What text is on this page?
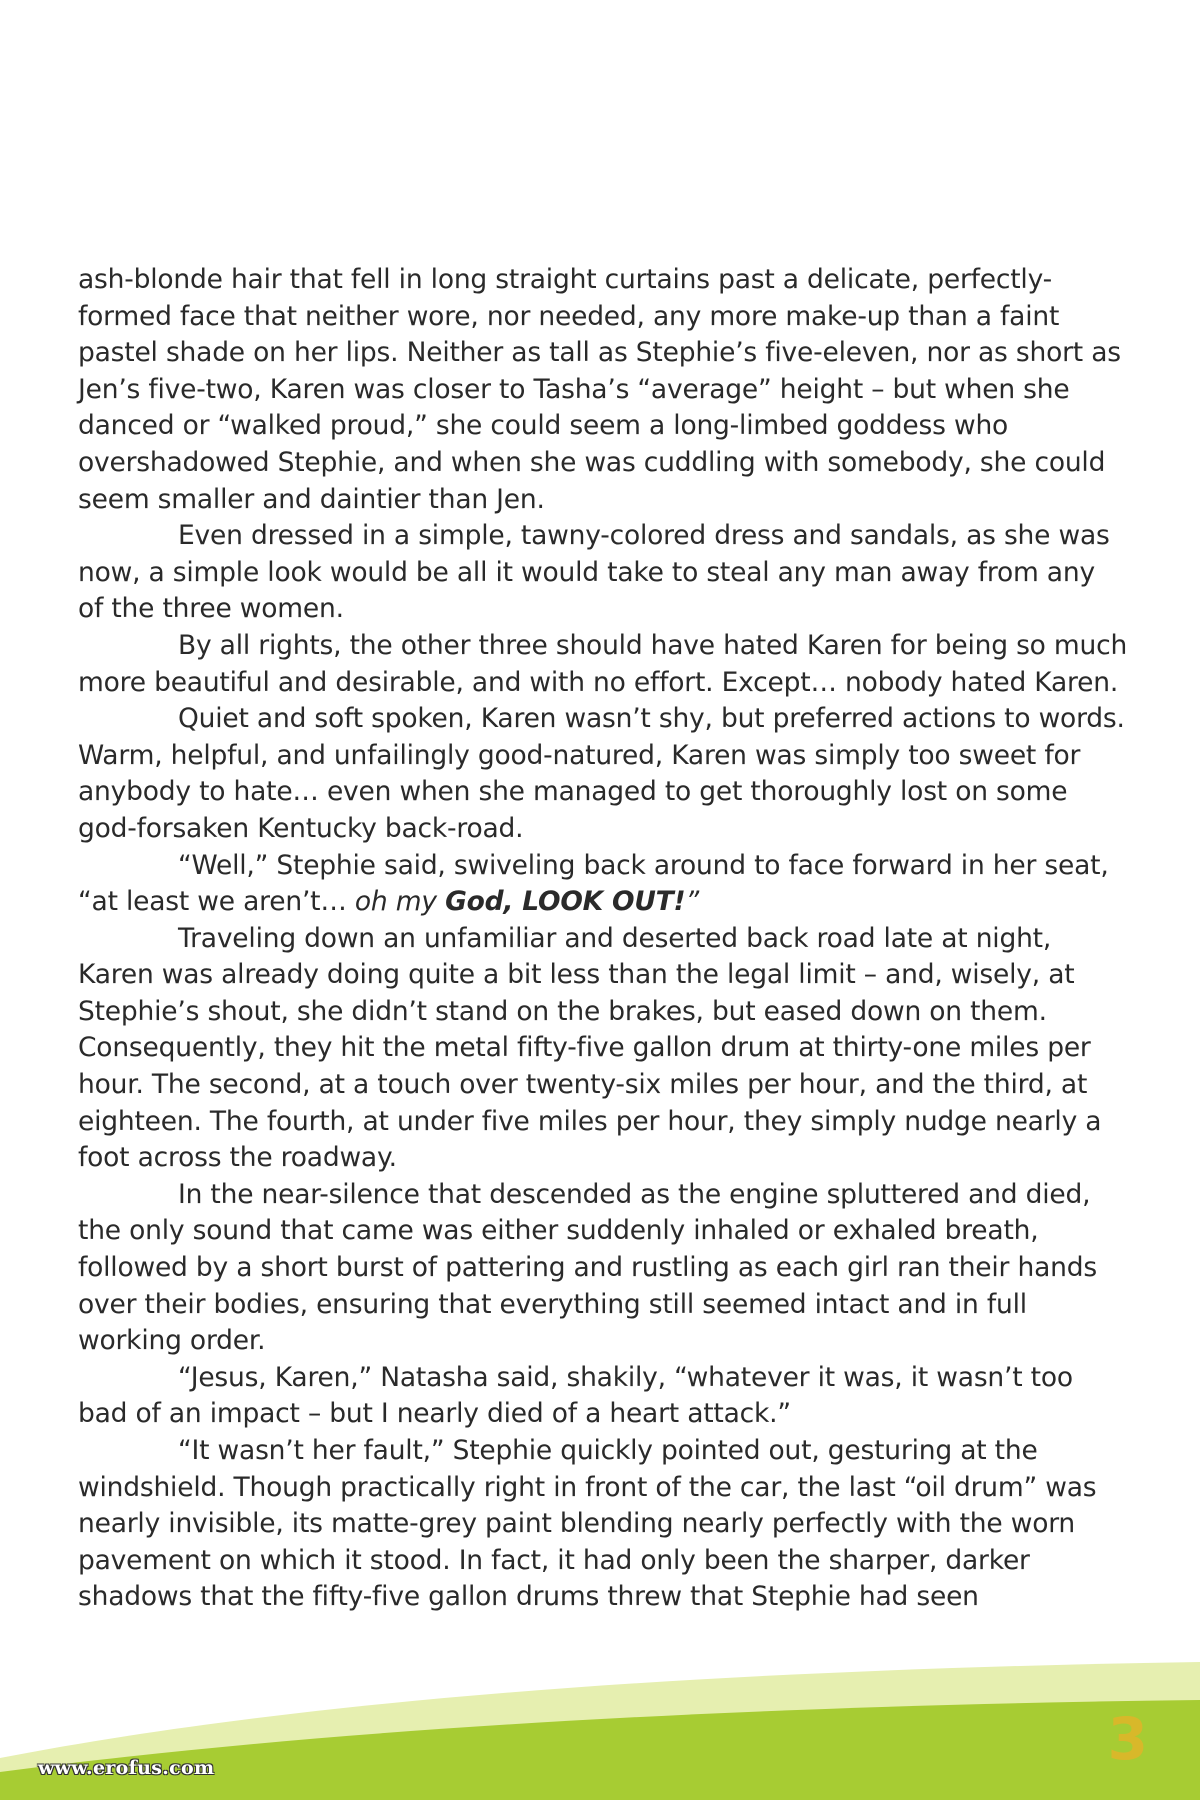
ash-blonde hair that fell in long straight curtains past a delicate, perfectly-formed face that neither wore, nor needed, any more make-up than a faint pastel shade on her lips. Neither as tall as Stephie’s five-eleven, nor as short as Jen’s five-two, Karen was closer to Tasha’s “average” height – but when she danced or “walked proud,” she could seem a long-limbed goddess who overshadowed Stephie, and when she was cuddling with somebody, she could seem smaller and daintier than Jen.

Even dressed in a simple, tawny-colored dress and sandals, as she was now, a simple look would be all it would take to steal any man away from any of the three women.

By all rights, the other three should have hated Karen for being so much more beautiful and desirable, and with no effort. Except… nobody hated Karen.

Quiet and soft spoken, Karen wasn’t shy, but preferred actions to words. Warm, helpful, and unfailingly good-natured, Karen was simply too sweet for anybody to hate… even when she managed to get thoroughly lost on some god-forsaken Kentucky back-road.

“Well,” Stephie said, swiveling back around to face forward in her seat, “at least we aren’t… oh my God, LOOK OUT!”

Traveling down an unfamiliar and deserted back road late at night, Karen was already doing quite a bit less than the legal limit – and, wisely, at Stephie’s shout, she didn’t stand on the brakes, but eased down on them. Consequently, they hit the metal fifty-five gallon drum at thirty-one miles per hour. The second, at a touch over twenty-six miles per hour, and the third, at eighteen. The fourth, at under five miles per hour, they simply nudge nearly a foot across the roadway.

In the near-silence that descended as the engine spluttered and died, the only sound that came was either suddenly inhaled or exhaled breath, followed by a short burst of pattering and rustling as each girl ran their hands over their bodies, ensuring that everything still seemed intact and in full working order.

“Jesus, Karen,” Natasha said, shakily, “whatever it was, it wasn’t too bad of an impact – but I nearly died of a heart attack.”

“It wasn’t her fault,” Stephie quickly pointed out, gesturing at the windshield. Though practically right in front of the car, the last “oil drum” was nearly invisible, its matte-grey paint blending nearly perfectly with the worn pavement on which it stood. In fact, it had only been the sharper, darker shadows that the fifty-five gallon drums threw that Stephie had seen

www.erofus.com	3
